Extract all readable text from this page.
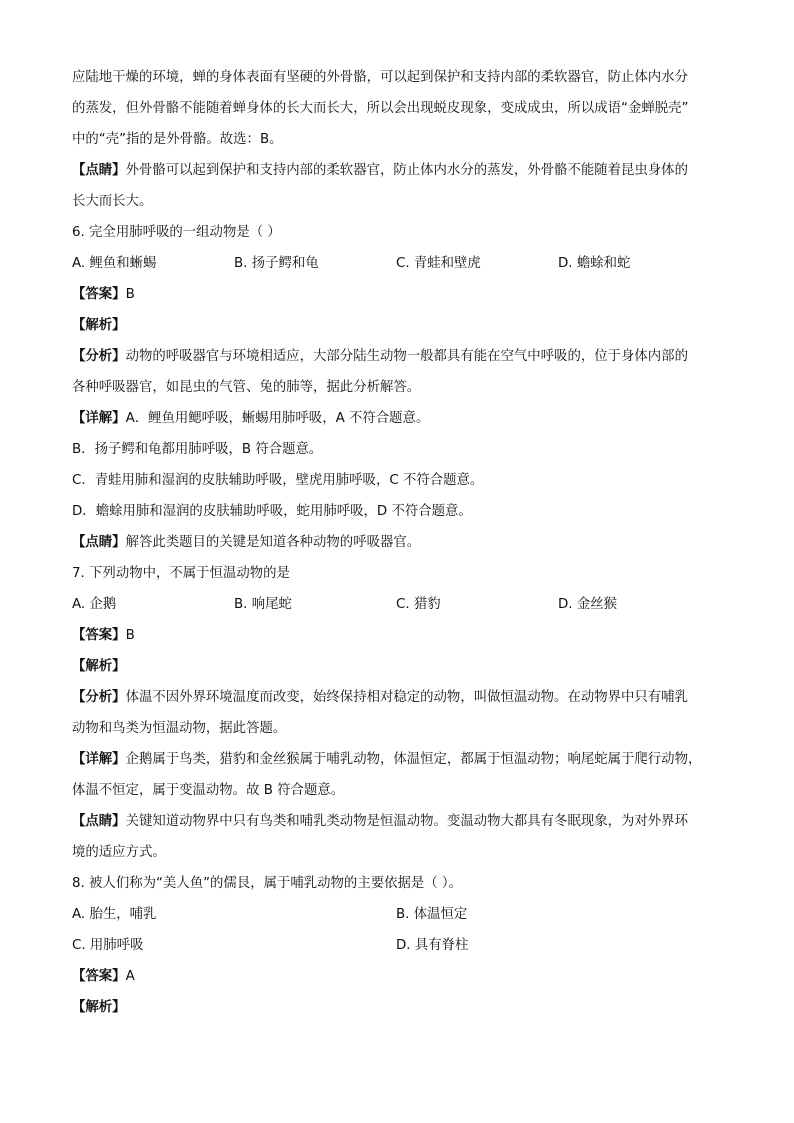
应陆地干燥的环境，蝉的身体表面有坚硬的外骨骼，可以起到保护和支持内部的柔软器官，防止体内水分
的蒸发，但外骨骼不能随着蝉身体的长大而长大，所以会出现蜕皮现象，变成成虫，所以成语“金蝉脱壳”
中的“壳”指的是外骨骼。故选：B。
【点睛】外骨骼可以起到保护和支持内部的柔软器官，防止体内水分的蒸发，外骨骼不能随着昆虫身体的
长大而长大。
6. 完全用肺呼吸的一组动物是（ ）
A. 鲤鱼和蜥蜴	B. 扬子鳄和龟	C. 青蛙和壁虎	D. 蟾蜍和蛇
【答案】B
【解析】
【分析】动物的呼吸器官与环境相适应，大部分陆生动物一般都具有能在空气中呼吸的，位于身体内部的
各种呼吸器官，如昆虫的气管、兔的肺等，据此分析解答。
【详解】A．鲤鱼用鳃呼吸，蜥蜴用肺呼吸，A 不符合题意。
B．扬子鳄和龟都用肺呼吸，B 符合题意。
C．青蛙用肺和湿润的皮肤辅助呼吸，壁虎用肺呼吸，C 不符合题意。
D．蟾蜍用肺和湿润的皮肤辅助呼吸，蛇用肺呼吸，D 不符合题意。
【点睛】解答此类题目的关键是知道各种动物的呼吸器官。
7. 下列动物中，不属于恒温动物的是
A. 企鹅	B. 响尾蛇	C. 猎豹	D. 金丝猴
【答案】B
【解析】
【分析】体温不因外界环境温度而改变，始终保持相对稳定的动物，叫做恒温动物。在动物界中只有哺乳
动物和鸟类为恒温动物，据此答题。
【详解】企鹅属于鸟类，猎豹和金丝猴属于哺乳动物，体温恒定，都属于恒温动物；响尾蛇属于爬行动物，
体温不恒定，属于变温动物。故 B 符合题意。
【点睛】关键知道动物界中只有鸟类和哺乳类动物是恒温动物。变温动物大都具有冬眠现象，为对外界环
境的适应方式。
8. 被人们称为“美人鱼”的儒艮，属于哺乳动物的主要依据是（ ）。
A. 胎生，哺乳	B. 体温恒定
C. 用肺呼吸	D. 具有脊柱
【答案】A
【解析】
